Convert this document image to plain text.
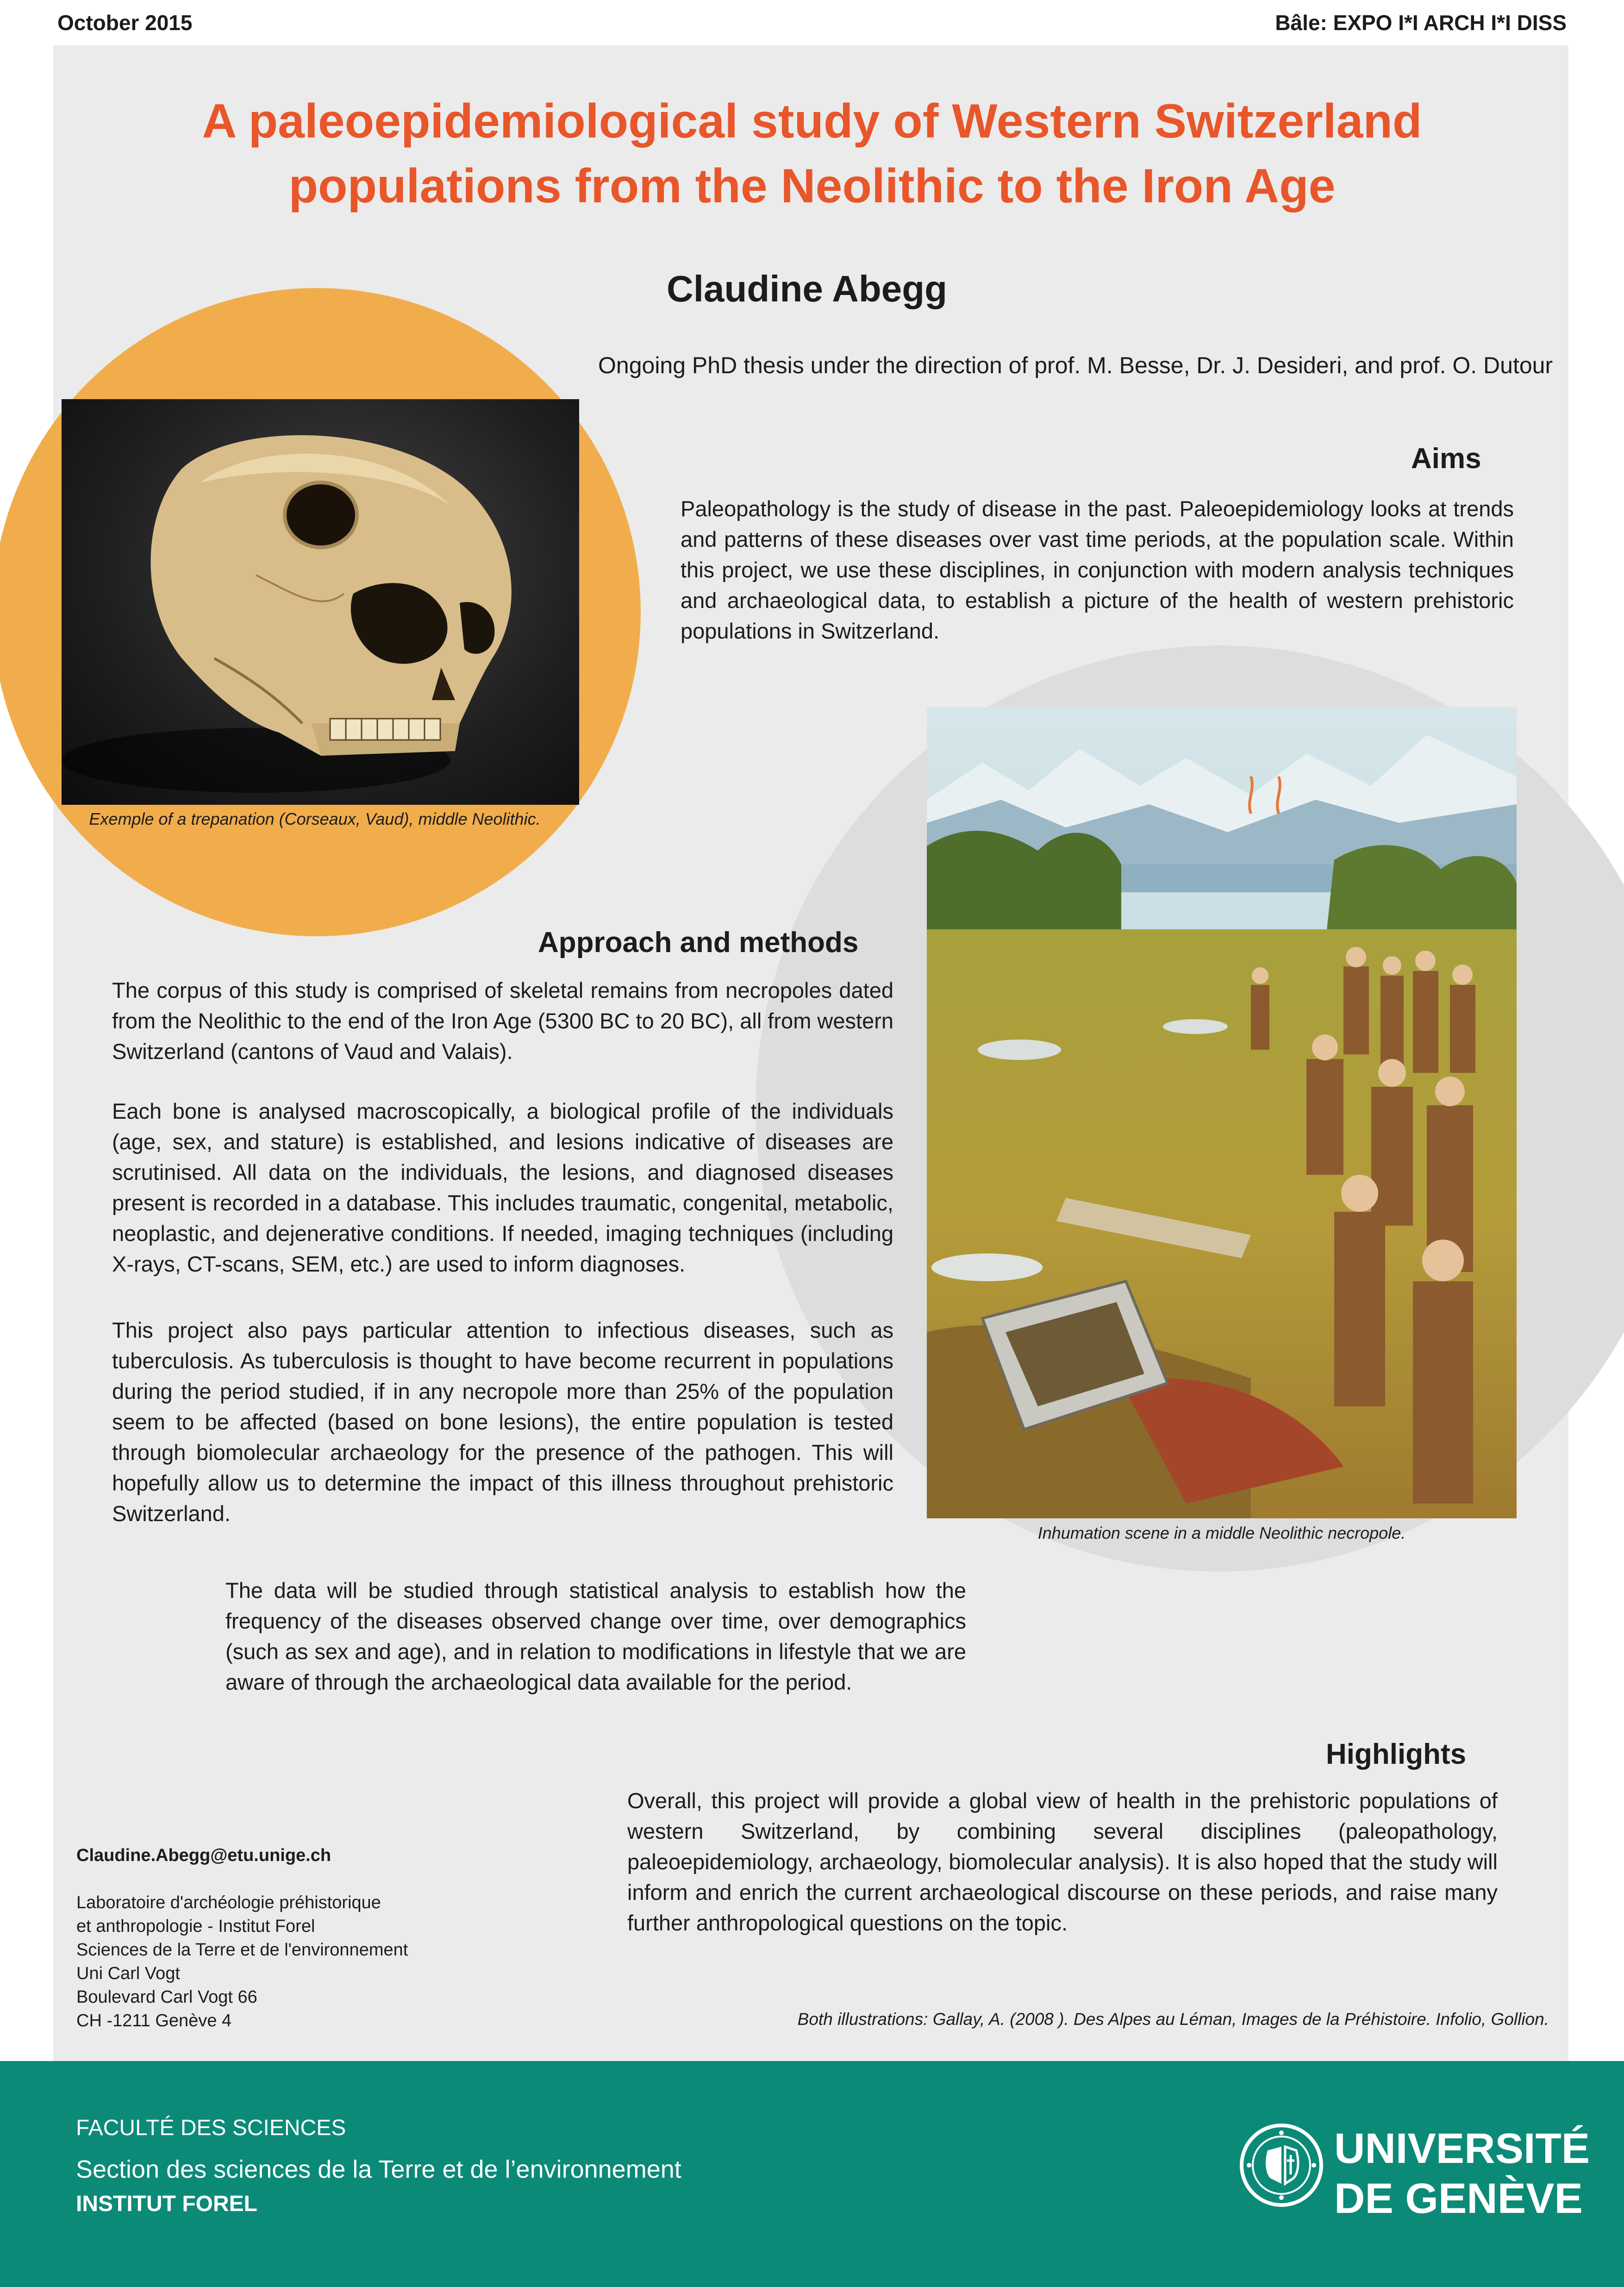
October 2015	Bâle: EXPO I*I ARCH I*I DISS
A paleoepidemiological study of Western Switzerland
populations from the Neolithic to the Iron Age
Claudine Abegg
Ongoing PhD thesis under the direction of prof. M. Besse, Dr. J. Desideri, and prof. O. Dutour
Exemple of a trepanation (Corseaux, Vaud), middle Neolithic.
Aims
Paleopathology is the study of disease in the past. Paleoepidemiology looks at trends and patterns of these diseases over vast time periods, at the population scale. Within this project, we use these disciplines, in conjunction with modern analysis techniques and archaeological data, to establish a picture of the health of western prehistoric populations in Switzerland.
Inhumation scene in a middle Neolithic necropole.
Approach and methods
The corpus of this study is comprised of skeletal remains from necropoles dated from the Neolithic to the end of the Iron Age (5300 BC to 20 BC), all from western Switzerland (cantons of Vaud and Valais).
Each bone is analysed macroscopically, a biological profile of the individuals (age, sex, and stature) is established, and lesions indicative of diseases are scrutinised. All data on the individuals, the lesions, and diagnosed diseases present is recorded in a database. This includes traumatic, congenital, metabolic, neoplastic, and dejenerative conditions. If needed, imaging techniques (including X-rays, CT-scans, SEM, etc.) are used to inform diagnoses.
This project also pays particular attention to infectious diseases, such as tuberculosis. As tuberculosis is thought to have become recurrent in populations during the period studied, if in any necropole more than 25% of the population seem to be affected (based on bone lesions), the entire population is tested through biomolecular archaeology for the presence of the pathogen. This will hopefully allow us to determine the impact of this illness throughout prehistoric Switzerland.
The data will be studied through statistical analysis to establish how the frequency of the diseases observed change over time, over demographics (such as sex and age), and in relation to modifications in lifestyle that we are aware of through the archaeological data available for the period.
Highlights
Overall, this project will provide a global view of health in the prehistoric populations of western Switzerland, by combining several disciplines (paleopathology, paleoepidemiology, archaeology, biomolecular analysis). It is also hoped that the study will inform and enrich the current archaeological discourse on these periods, and raise many further anthropological questions on the topic.
Claudine.Abegg@etu.unige.ch
Laboratoire d'archéologie préhistorique
et anthropologie - Institut Forel
Sciences de la Terre et de l'environnement
Uni Carl Vogt
Boulevard Carl Vogt 66
CH -1211 Genève 4	Both illustrations: Gallay, A. (2008 ). Des Alpes au Léman, Images de la Préhistoire. Infolio, Gollion.
FACULTÉ DES SCIENCES
Section des sciences de la Terre et de l’environnement
INSTITUT FOREL
UNIVERSITÉ
DE GENÈVE
